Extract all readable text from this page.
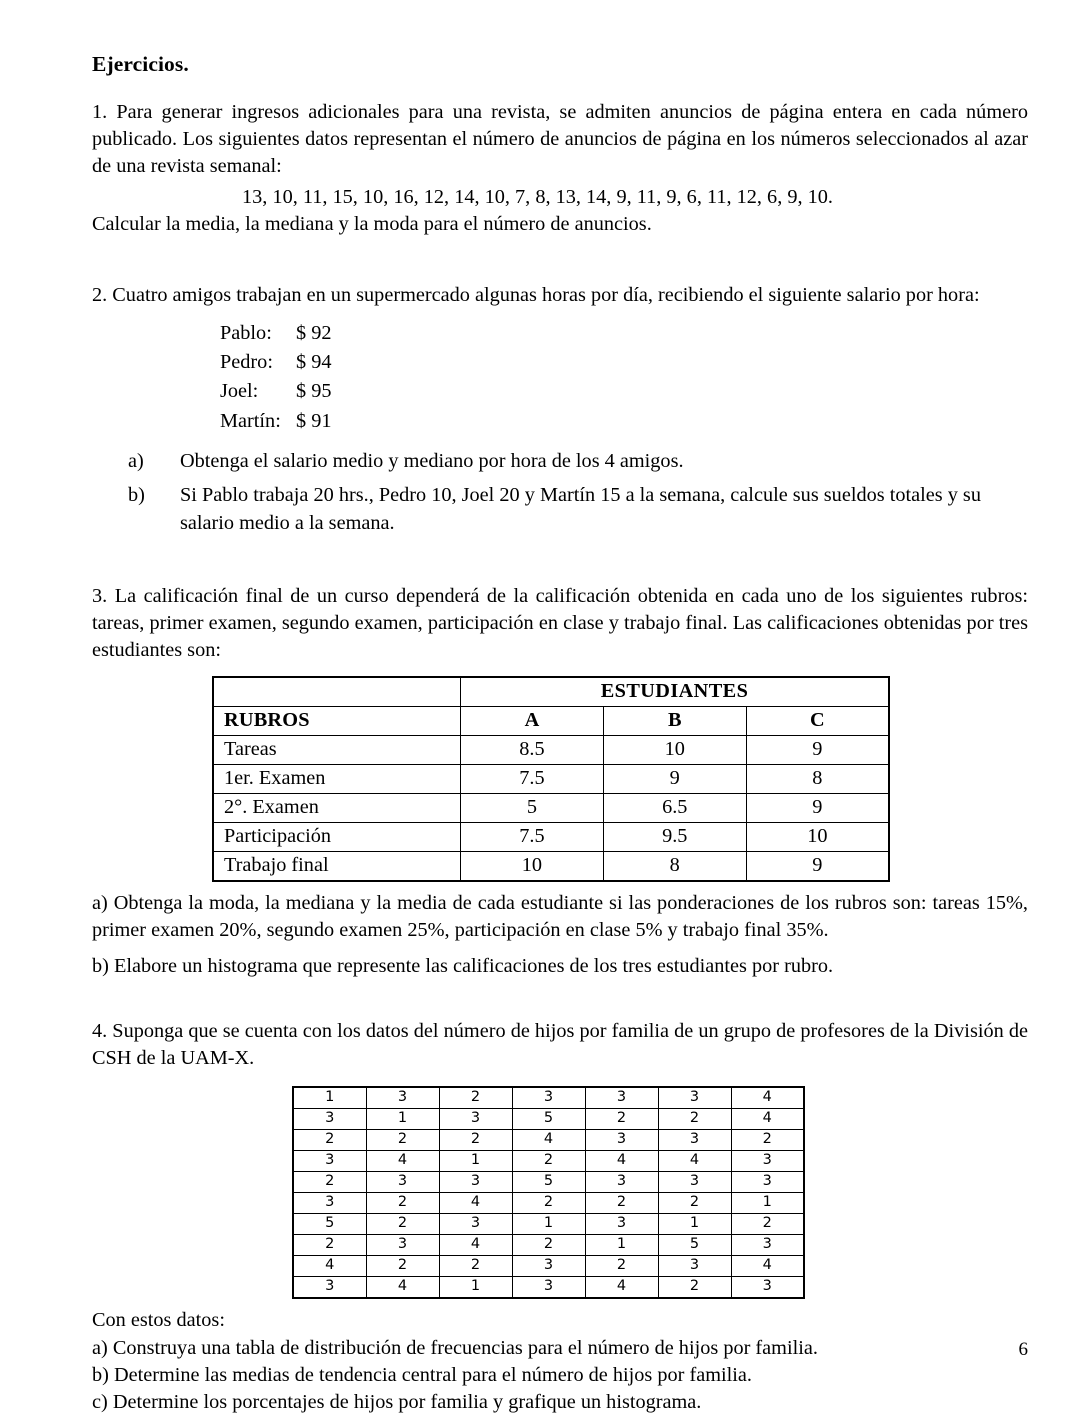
Ejercicios.

1. Para generar ingresos adicionales para una revista, se admiten anuncios de página entera en cada número publicado. Los siguientes datos representan el número de anuncios de página en los números seleccionados al azar de una revista semanal:

13, 10, 11, 15, 10, 16, 12, 14, 10, 7, 8, 13, 14, 9, 11, 9, 6, 11, 12, 6, 9, 10.

Calcular la media, la mediana y la moda para el número de anuncios.

2. Cuatro amigos trabajan en un supermercado algunas horas por día, recibiendo el siguiente salario por hora:

Pablo: $ 92
Pedro: $ 94
Joel: $ 95
Martín: $ 91
a) Obtenga el salario medio y mediano por hora de los 4 amigos.
b) Si Pablo trabaja 20 hrs., Pedro 10, Joel 20 y Martín 15 a la semana, calcule sus sueldos totales y su salario medio a la semana.

3. La calificación final de un curso dependerá de la calificación obtenida en cada uno de los siguientes rubros: tareas, primer examen, segundo examen, participación en clase y trabajo final. Las calificaciones obtenidas por tres estudiantes son:

	ESTUDIANTES		
RUBROS	A	B	C
Tareas	8.5	10	9
1er. Examen	7.5	9	8
2°. Examen	5	6.5	9
Participación	7.5	9.5	10
Trabajo final	10	8	9

a) Obtenga la moda, la mediana y la media de cada estudiante si las ponderaciones de los rubros son: tareas 15%, primer examen 20%, segundo examen 25%, participación en clase 5% y trabajo final 35%.

b) Elabore un histograma que represente las calificaciones de los tres estudiantes por rubro.

4. Suponga que se cuenta con los datos del número de hijos por familia de un grupo de profesores de la División de CSH de la UAM-X.

1	3	2	3	3	3	4
3	1	3	5	2	2	4
2	2	2	4	3	3	2
3	4	1	2	4	4	3
2	3	3	5	3	3	3
3	2	4	2	2	2	1
5	2	3	1	3	1	2
2	3	4	2	1	5	3
4	2	2	3	2	3	4
3	4	1	3	4	2	3

Con estos datos:

a) Construya una tabla de distribución de frecuencias para el número de hijos por familia.

b) Determine las medias de tendencia central para el número de hijos por familia.

c) Determine los porcentajes de hijos por familia y grafique un histograma.

6
